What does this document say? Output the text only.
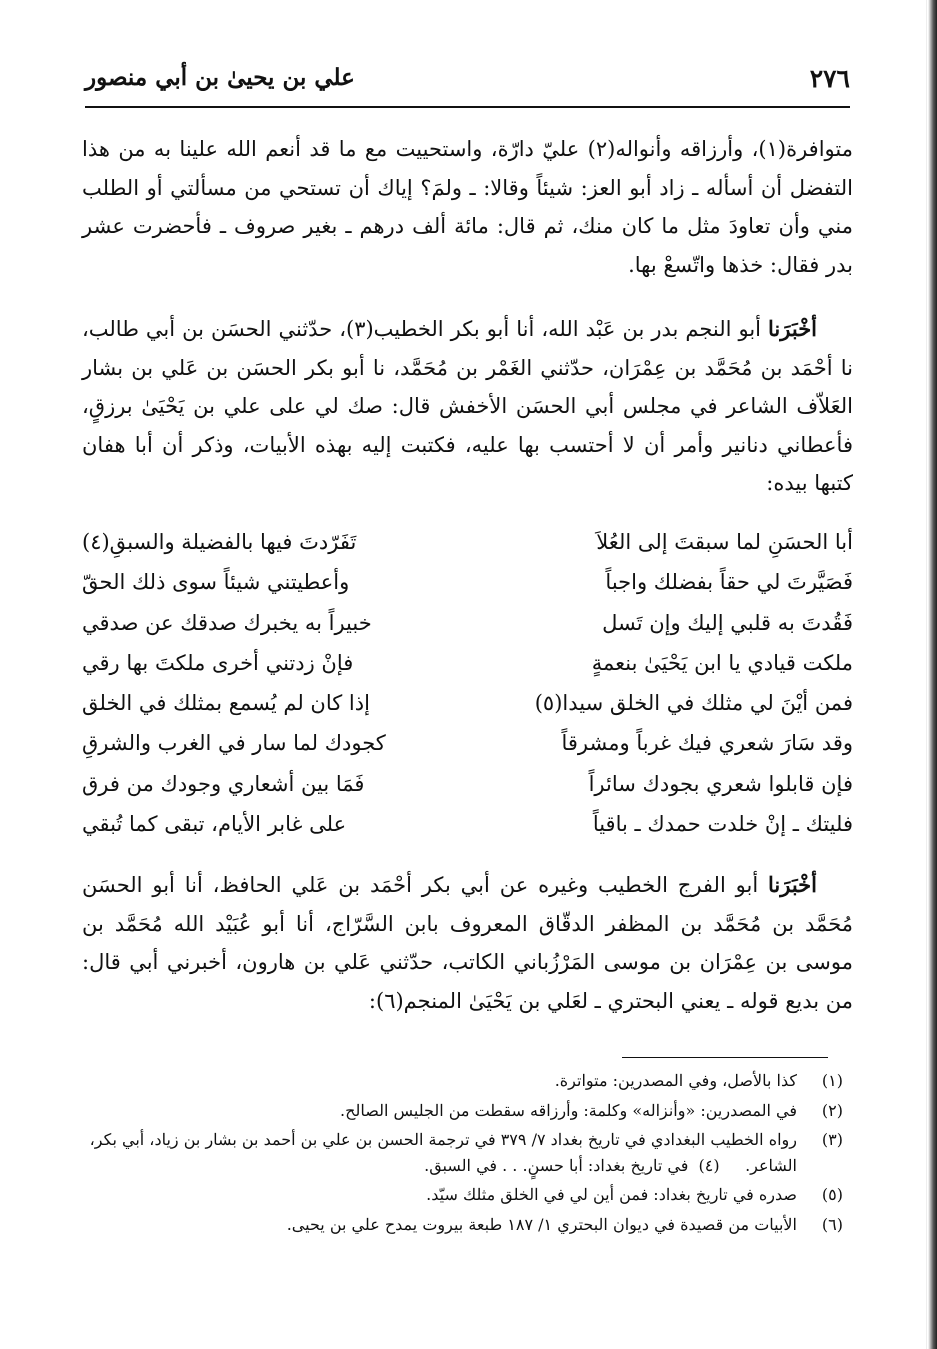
٢٧٦
علي بن يحيىٰ بن أبي منصور

متوافرة(١)، وأرزاقه وأنواله(٢) عليّ دارّة، واستحييت مع ما قد أنعم الله علينا به من هذا التفضل أن أسأله ـ زاد أبو العز: شيئاً وقالا: ـ ولمَ؟ إياك أن تستحي من مسألتي أو الطلب مني وأن تعاودَ مثل ما كان منك، ثم قال: مائة ألف درهم ـ بغير صروف ـ فأحضرت عشر بدر فقال: خذها واتّسعْ بها.

أخْبَرَنا أبو النجم بدر بن عَبْد الله، أنا أبو بكر الخطيب(٣)، حدّثني الحسَن بن أبي طالب، نا أحْمَد بن مُحَمَّد بن عِمْرَان، حدّثني الغَمْر بن مُحَمَّد، نا أبو بكر الحسَن بن عَلي بن بشار العَلاّف الشاعر في مجلس أبي الحسَن الأخفش قال: صك لي على علي بن يَحْيَىٰ برزقٍ، فأعطاني دنانير وأمر أن لا أحتسب بها عليه، فكتبت إليه بهذه الأبيات، وذكر أن أبا هفان كتبها بيده:

أبا الحسَنِ لما سبقتَ إلى العُلاَ
تَفَرّدتَ فيها بالفضيلة والسبقِ(٤)
فَصَيَّرتَ لي حقاً بفضلك واجباً
وأعطيتني شيئاً سوى ذلك الحقّ
فَقُدتَ به قلبي إليك وإن تَسل
خبيراً به يخبرك صدقك عن صدقي
ملكت قيادي يا ابن يَحْيَىٰ بنعمةٍ
فإنْ زدتني أخرى ملكتَ بها رقي
فمن أيْنَ لي مثلك في الخلق سيدا(٥)
إذا كان لم يُسمع بمثلك في الخلق
وقد سَارَ شعري فيك غرباً ومشرقاً
كجودك لما سار في الغرب والشرقِ
فإن قابلوا شعري بجودك سائراً
فَمَا بين أشعاري وجودك من فرق
فليتك ـ إنْ خلدت حمدك ـ باقياً
على غابر الأيام، تبقى كما تُبقي

أخْبَرَنا أبو الفرج الخطيب وغيره عن أبي بكر أحْمَد بن عَلي الحافظ، أنا أبو الحسَن مُحَمَّد بن مُحَمَّد بن المظفر الدقّاق المعروف بابن السَّرّاج، أنا أبو عُبَيْد الله مُحَمَّد بن موسى بن عِمْرَان بن موسى المَرْزُباني الكاتب، حدّثني عَلي بن هارون، أخبرني أبي قال: من بديع قوله ـ يعني البحتري ـ لعَلي بن يَحْيَىٰ المنجم(٦):

(١)
كذا بالأصل، وفي المصدرين: متواترة.
(٢)
في المصدرين: «وأنزاله» وكلمة: وأرزاقه سقطت من الجليس الصالح.
(٣)
رواه الخطيب البغدادي في تاريخ بغداد ٧/ ٣٧٩ في ترجمة الحسن بن علي بن أحمد بن بشار بن زياد، أبي بكر، الشاعر.     (٤)  في تاريخ بغداد: أبا حسنٍ. . . في السبق.
(٥)
صدره في تاريخ بغداد: فمن أين لي في الخلق مثلك سيّد.
(٦)
الأبيات من قصيدة في ديوان البحتري ١/ ١٨٧ طبعة بيروت يمدح علي بن يحيى.
